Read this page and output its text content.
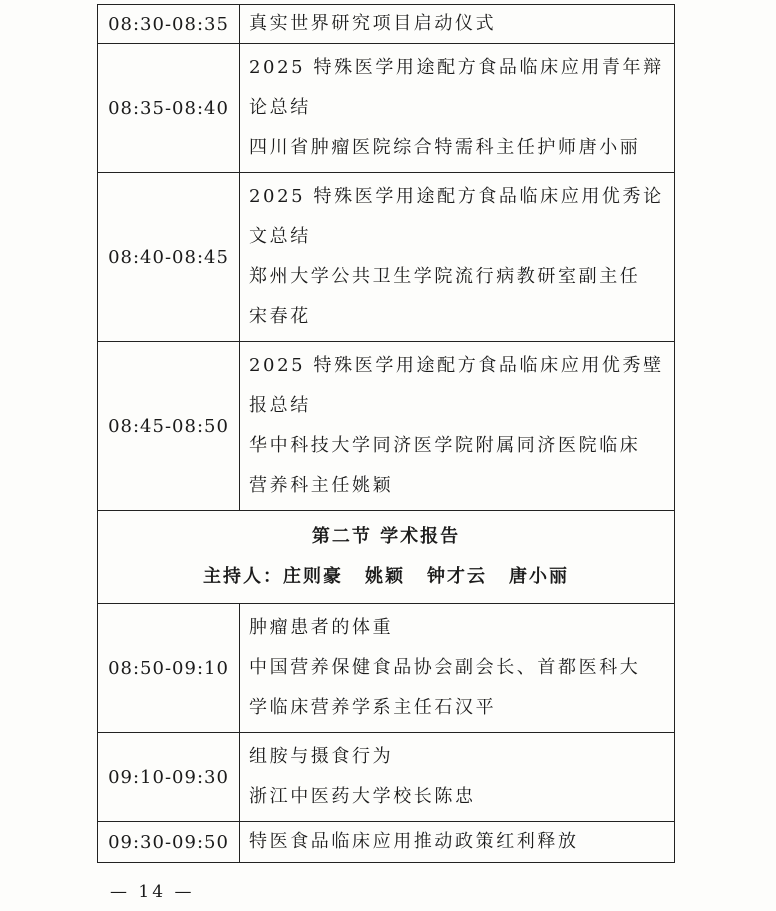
08:30-08:35	真实世界研究项目启动仪式

08:35-08:40	2025 特殊医学用途配方食品临床应用青年辩
论总结
四川省肿瘤医院综合特需科主任护师唐小丽

08:40-08:45	2025 特殊医学用途配方食品临床应用优秀论
文总结
郑州大学公共卫生学院流行病教研室副主任
宋春花

08:45-08:50	2025 特殊医学用途配方食品临床应用优秀壁
报总结
华中科技大学同济医学院附属同济医院临床
营养科主任姚颖

第二节 学术报告
主持人：庄则豪 姚颖 钟才云 唐小丽	

08:50-09:10	肿瘤患者的体重
中国营养保健食品协会副会长、首都医科大
学临床营养学系主任石汉平

09:10-09:30	组胺与摄食行为
浙江中医药大学校长陈忠

09:30-09:50	特医食品临床应用推动政策红利释放
— 14 —
